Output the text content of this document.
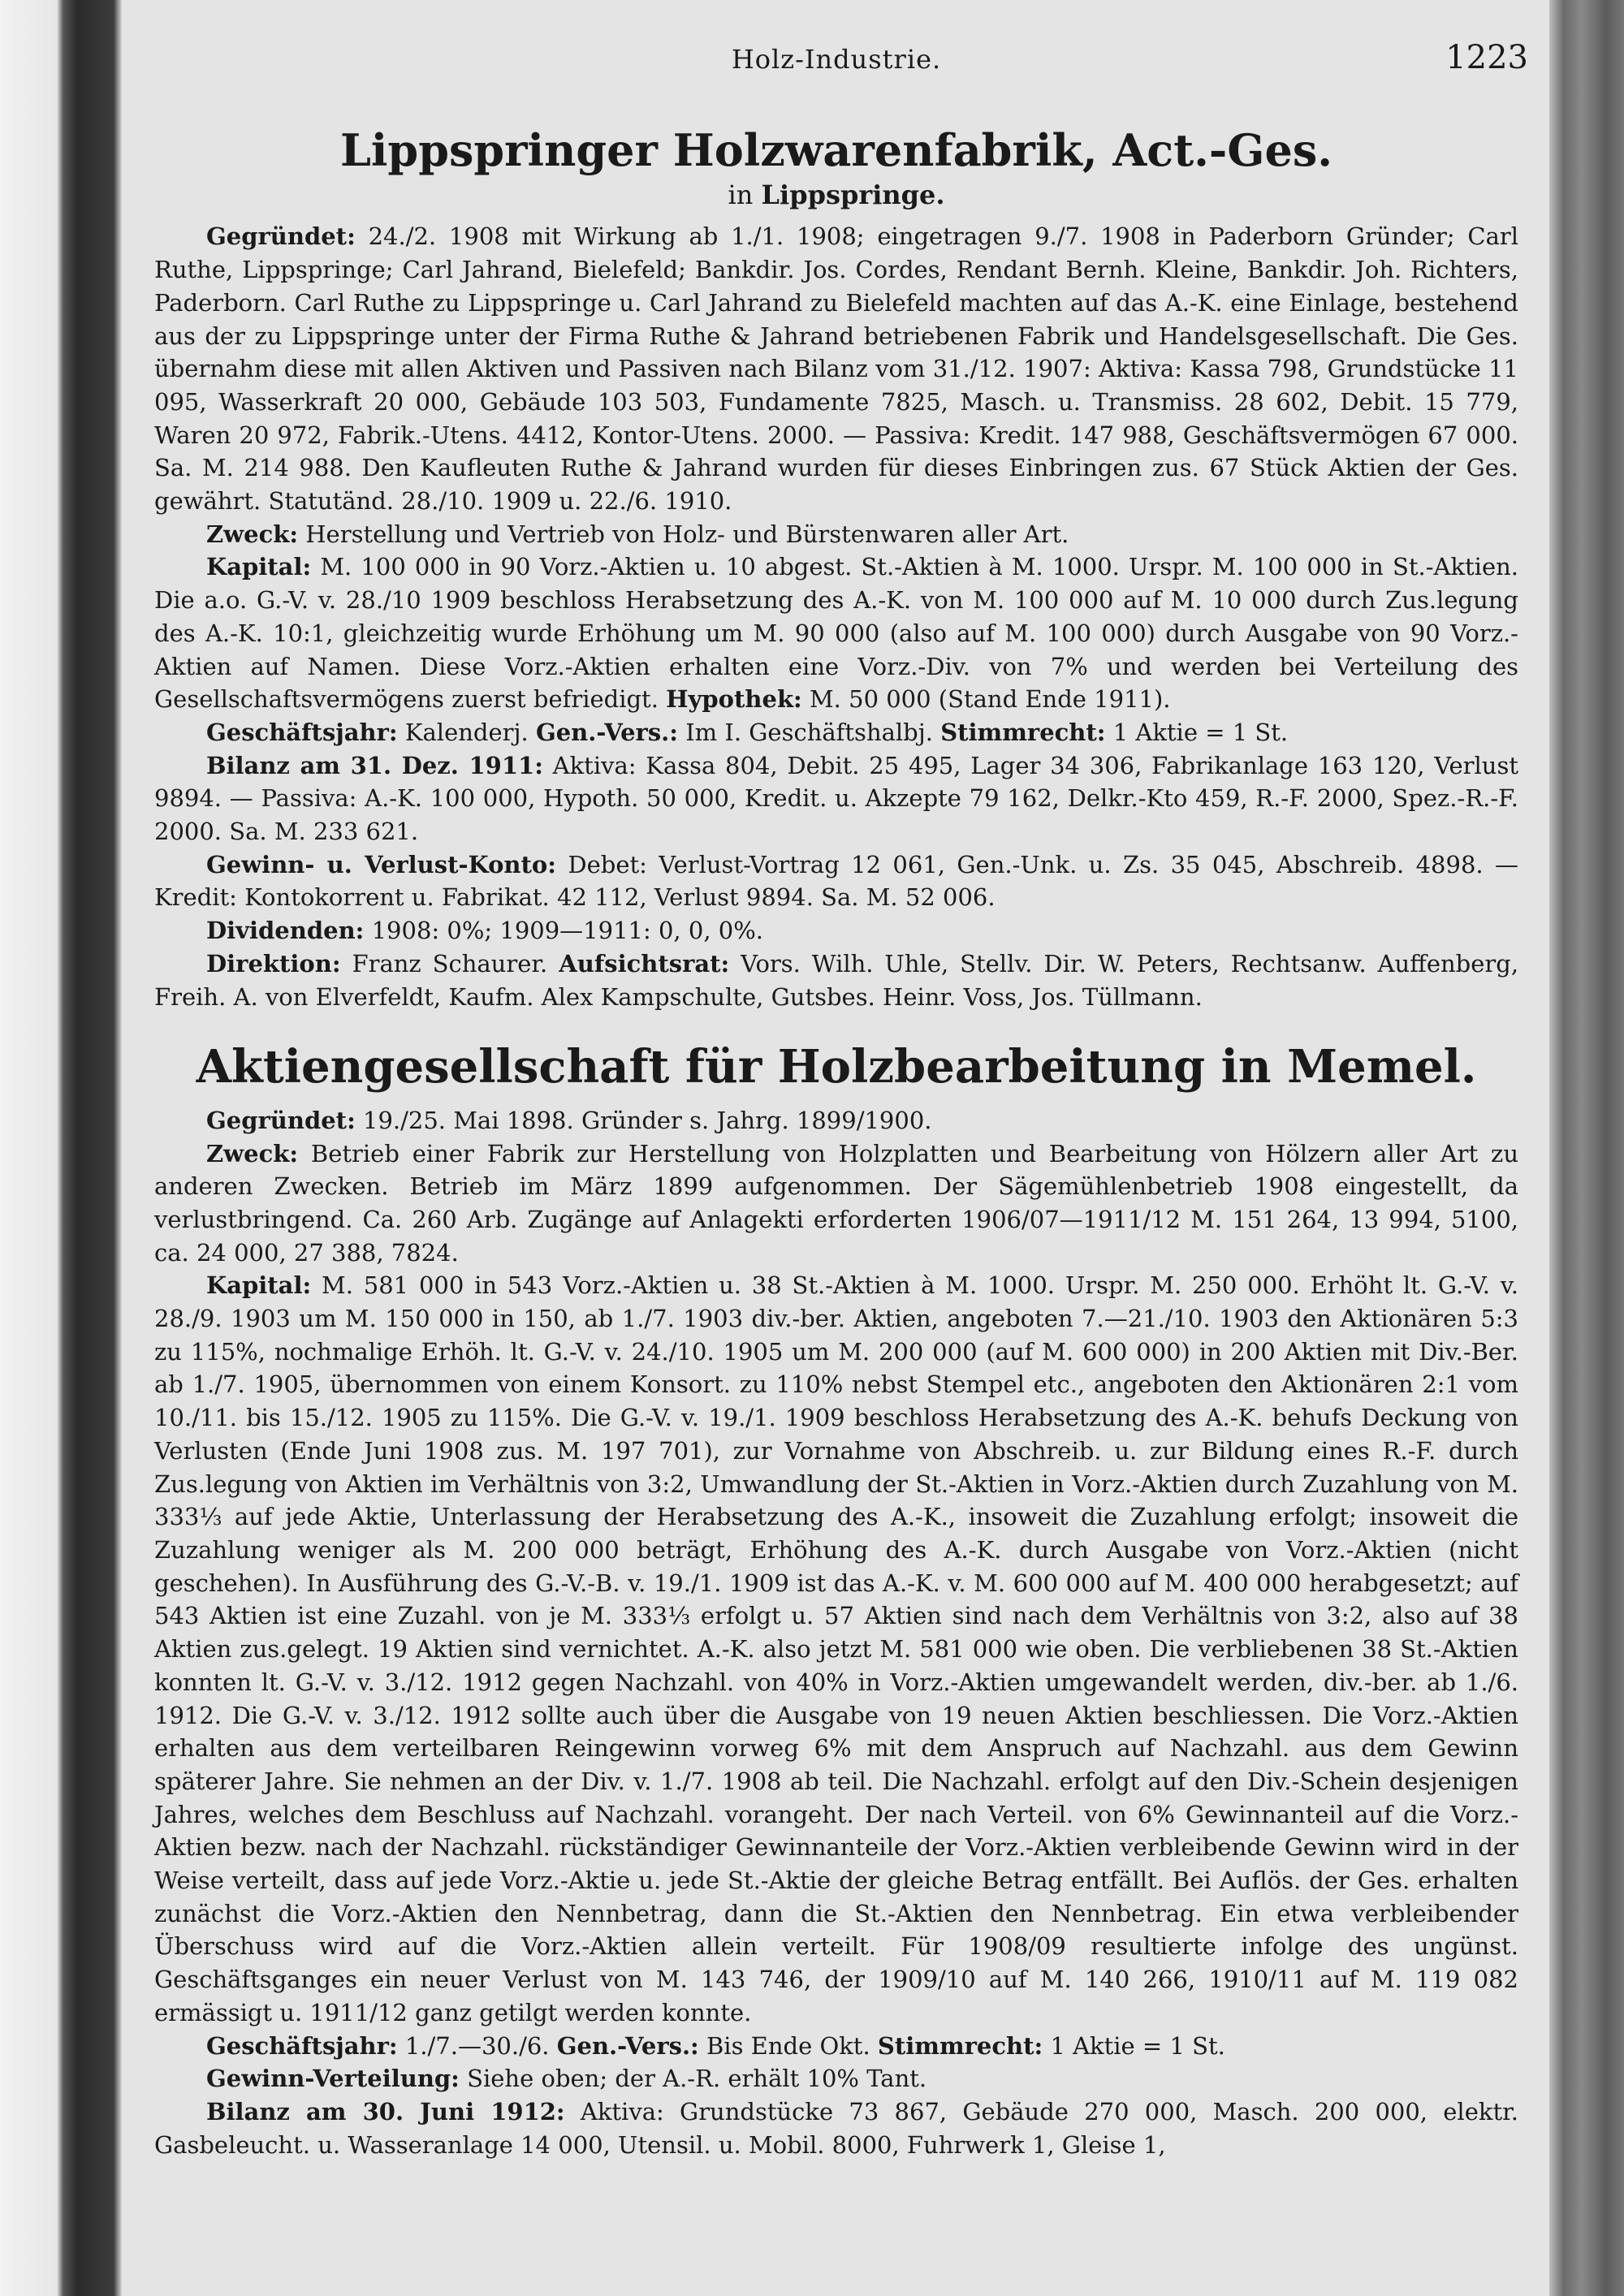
Holz-Industrie.	1223
Lippspringer Holzwarenfabrik, Act.-Ges.
in Lippspringe.

Gegründet: 24./2. 1908 mit Wirkung ab 1./1. 1908; eingetragen 9./7. 1908 in Paderborn Gründer; Carl Ruthe, Lippspringe; Carl Jahrand, Bielefeld; Bankdir. Jos. Cordes, Rendant Bernh. Kleine, Bankdir. Joh. Richters, Paderborn. Carl Ruthe zu Lippspringe u. Carl Jahrand zu Bielefeld machten auf das A.-K. eine Einlage, bestehend aus der zu Lippspringe unter der Firma Ruthe & Jahrand betriebenen Fabrik und Handelsgesellschaft. Die Ges. übernahm diese mit allen Aktiven und Passiven nach Bilanz vom 31./12. 1907: Aktiva: Kassa 798, Grundstücke 11 095, Wasserkraft 20 000, Gebäude 103 503, Fundamente 7825, Masch. u. Transmiss. 28 602, Debit. 15 779, Waren 20 972, Fabrik.-Utens. 4412, Kontor-Utens. 2000. — Passiva: Kredit. 147 988, Geschäftsvermögen 67 000. Sa. M. 214 988. Den Kaufleuten Ruthe & Jahrand wurden für dieses Einbringen zus. 67 Stück Aktien der Ges. gewährt. Statutänd. 28./10. 1909 u. 22./6. 1910.

Zweck: Herstellung und Vertrieb von Holz- und Bürstenwaren aller Art.

Kapital: M. 100 000 in 90 Vorz.-Aktien u. 10 abgest. St.-Aktien à M. 1000. Urspr. M. 100 000 in St.-Aktien. Die a.o. G.-V. v. 28./10 1909 beschloss Herabsetzung des A.-K. von M. 100 000 auf M. 10 000 durch Zus.legung des A.-K. 10:1, gleichzeitig wurde Erhöhung um M. 90 000 (also auf M. 100 000) durch Ausgabe von 90 Vorz.-Aktien auf Namen. Diese Vorz.-Aktien erhalten eine Vorz.-Div. von 7% und werden bei Verteilung des Gesellschaftsvermögens zuerst befriedigt. Hypothek: M. 50 000 (Stand Ende 1911).

Geschäftsjahr: Kalenderj. Gen.-Vers.: Im I. Geschäftshalbj. Stimmrecht: 1 Aktie = 1 St.

Bilanz am 31. Dez. 1911: Aktiva: Kassa 804, Debit. 25 495, Lager 34 306, Fabrikanlage 163 120, Verlust 9894. — Passiva: A.-K. 100 000, Hypoth. 50 000, Kredit. u. Akzepte 79 162, Delkr.-Kto 459, R.-F. 2000, Spez.-R.-F. 2000. Sa. M. 233 621.

Gewinn- u. Verlust-Konto: Debet: Verlust-Vortrag 12 061, Gen.-Unk. u. Zs. 35 045, Abschreib. 4898. — Kredit: Kontokorrent u. Fabrikat. 42 112, Verlust 9894. Sa. M. 52 006.

Dividenden: 1908: 0%; 1909—1911: 0, 0, 0%.

Direktion: Franz Schaurer. Aufsichtsrat: Vors. Wilh. Uhle, Stellv. Dir. W. Peters, Rechtsanw. Auffenberg, Freih. A. von Elverfeldt, Kaufm. Alex Kampschulte, Gutsbes. Heinr. Voss, Jos. Tüllmann.

Aktiengesellschaft für Holzbearbeitung in Memel.

Gegründet: 19./25. Mai 1898. Gründer s. Jahrg. 1899/1900.

Zweck: Betrieb einer Fabrik zur Herstellung von Holzplatten und Bearbeitung von Hölzern aller Art zu anderen Zwecken. Betrieb im März 1899 aufgenommen. Der Sägemühlenbetrieb 1908 eingestellt, da verlustbringend. Ca. 260 Arb. Zugänge auf Anlagekti erforderten 1906/07—1911/12 M. 151 264, 13 994, 5100, ca. 24 000, 27 388, 7824.

Kapital: M. 581 000 in 543 Vorz.-Aktien u. 38 St.-Aktien à M. 1000. Urspr. M. 250 000. Erhöht lt. G.-V. v. 28./9. 1903 um M. 150 000 in 150, ab 1./7. 1903 div.-ber. Aktien, angeboten 7.—21./10. 1903 den Aktionären 5:3 zu 115%, nochmalige Erhöh. lt. G.-V. v. 24./10. 1905 um M. 200 000 (auf M. 600 000) in 200 Aktien mit Div.-Ber. ab 1./7. 1905, übernommen von einem Konsort. zu 110% nebst Stempel etc., angeboten den Aktionären 2:1 vom 10./11. bis 15./12. 1905 zu 115%. Die G.-V. v. 19./1. 1909 beschloss Herabsetzung des A.-K. behufs Deckung von Verlusten (Ende Juni 1908 zus. M. 197 701), zur Vornahme von Abschreib. u. zur Bildung eines R.-F. durch Zus.legung von Aktien im Verhältnis von 3:2, Umwandlung der St.-Aktien in Vorz.-Aktien durch Zuzahlung von M. 333⅓ auf jede Aktie, Unterlassung der Herabsetzung des A.-K., insoweit die Zuzahlung erfolgt; insoweit die Zuzahlung weniger als M. 200 000 beträgt, Erhöhung des A.-K. durch Ausgabe von Vorz.-Aktien (nicht geschehen). In Ausführung des G.-V.-B. v. 19./1. 1909 ist das A.-K. v. M. 600 000 auf M. 400 000 herabgesetzt; auf 543 Aktien ist eine Zuzahl. von je M. 333⅓ erfolgt u. 57 Aktien sind nach dem Verhältnis von 3:2, also auf 38 Aktien zus.gelegt. 19 Aktien sind vernichtet. A.-K. also jetzt M. 581 000 wie oben. Die verbliebenen 38 St.-Aktien konnten lt. G.-V. v. 3./12. 1912 gegen Nachzahl. von 40% in Vorz.-Aktien umgewandelt werden, div.-ber. ab 1./6. 1912. Die G.-V. v. 3./12. 1912 sollte auch über die Ausgabe von 19 neuen Aktien beschliessen. Die Vorz.-Aktien erhalten aus dem verteilbaren Reingewinn vorweg 6% mit dem Anspruch auf Nachzahl. aus dem Gewinn späterer Jahre. Sie nehmen an der Div. v. 1./7. 1908 ab teil. Die Nachzahl. erfolgt auf den Div.-Schein desjenigen Jahres, welches dem Beschluss auf Nachzahl. vorangeht. Der nach Verteil. von 6% Gewinnanteil auf die Vorz.-Aktien bezw. nach der Nachzahl. rückständiger Gewinnanteile der Vorz.-Aktien verbleibende Gewinn wird in der Weise verteilt, dass auf jede Vorz.-Aktie u. jede St.-Aktie der gleiche Betrag entfällt. Bei Auflös. der Ges. erhalten zunächst die Vorz.-Aktien den Nennbetrag, dann die St.-Aktien den Nennbetrag. Ein etwa verbleibender Überschuss wird auf die Vorz.-Aktien allein verteilt. Für 1908/09 resultierte infolge des ungünst. Geschäftsganges ein neuer Verlust von M. 143 746, der 1909/10 auf M. 140 266, 1910/11 auf M. 119 082 ermässigt u. 1911/12 ganz getilgt werden konnte.

Geschäftsjahr: 1./7.—30./6. Gen.-Vers.: Bis Ende Okt. Stimmrecht: 1 Aktie = 1 St.

Gewinn-Verteilung: Siehe oben; der A.-R. erhält 10% Tant.

Bilanz am 30. Juni 1912: Aktiva: Grundstücke 73 867, Gebäude 270 000, Masch. 200 000, elektr. Gasbeleucht. u. Wasseranlage 14 000, Utensil. u. Mobil. 8000, Fuhrwerk 1, Gleise 1,
